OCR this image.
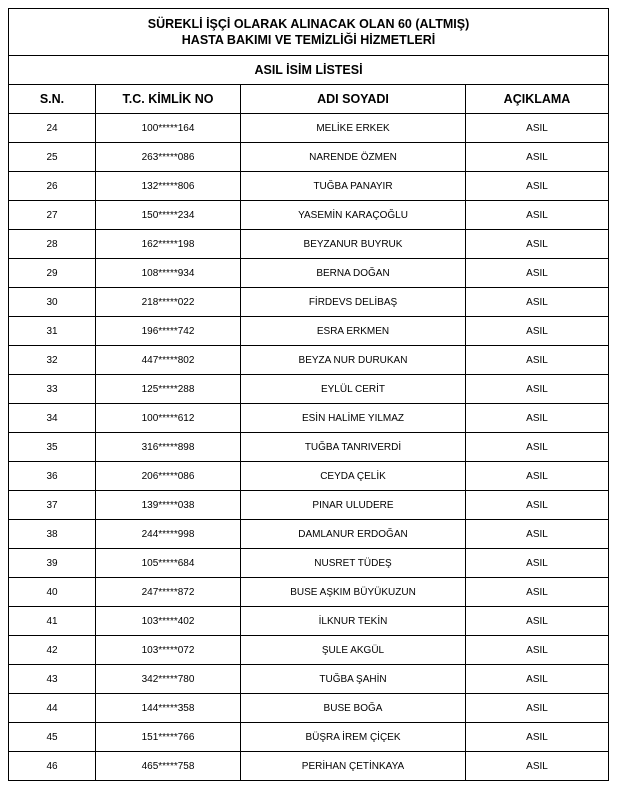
SÜREKLİ İŞÇİ OLARAK ALINACAK OLAN 60 (ALTMIŞ)
HASTA BAKIMI VE TEMİZLİĞİ HİZMETLERİ			

ASIL İSİM LİSTESİ			
S.N.	T.C. KİMLİK NO	ADI SOYADI	AÇIKLAMA
24	100*****164	MELİKE ERKEK	ASIL
25	263*****086	NARENDE ÖZMEN	ASIL
26	132*****806	TUĞBA PANAYIR	ASIL
27	150*****234	YASEMİN KARAÇOĞLU	ASIL
28	162*****198	BEYZANUR BUYRUK	ASIL
29	108*****934	BERNA DOĞAN	ASIL
30	218*****022	FİRDEVS DELİBAŞ	ASIL
31	196*****742	ESRA ERKMEN	ASIL
32	447*****802	BEYZA NUR DURUKAN	ASIL
33	125*****288	EYLÜL CERİT	ASIL
34	100*****612	ESİN HALİME YILMAZ	ASIL
35	316*****898	TUĞBA TANRIVERDİ	ASIL
36	206*****086	CEYDA ÇELİK	ASIL
37	139*****038	PINAR ULUDERE	ASIL
38	244*****998	DAMLANUR ERDOĞAN	ASIL
39	105*****684	NUSRET TÜDEŞ	ASIL
40	247*****872	BUSE AŞKIM BÜYÜKUZUN	ASIL
41	103*****402	İLKNUR TEKİN	ASIL
42	103*****072	ŞULE AKGÜL	ASIL
43	342*****780	TUĞBA ŞAHİN	ASIL
44	144*****358	BUSE BOĞA	ASIL
45	151*****766	BÜŞRA İREM ÇİÇEK	ASIL
46	465*****758	PERİHAN ÇETİNKAYA	ASIL
